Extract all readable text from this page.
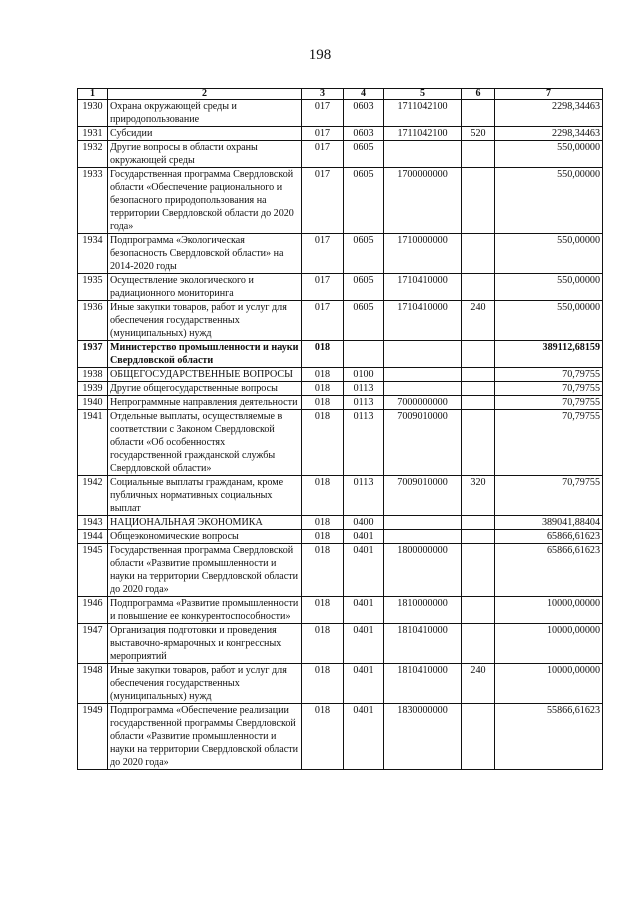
198
1	2	3	4	5	6	7
1930	Охрана окружающей среды и природопользование	017	0603	1711042100		2298,34463
1931	Субсидии	017	0603	1711042100	520	2298,34463
1932	Другие вопросы в области охраны окружающей среды	017	0605			550,00000
1933	Государственная программа Свердловской области «Обеспечение рационального и безопасного природопользования на территории Свердловской области до 2020 года»	017	0605	1700000000		550,00000
1934	Подпрограмма «Экологическая безопасность Свердловской области» на 2014-2020 годы	017	0605	1710000000		550,00000
1935	Осуществление экологического и радиационного мониторинга	017	0605	1710410000		550,00000
1936	Иные закупки товаров, работ и услуг для обеспечения государственных (муниципальных) нужд	017	0605	1710410000	240	550,00000
1937	Министерство промышленности и науки Свердловской области	018				389112,68159
1938	ОБЩЕГОСУДАРСТВЕННЫЕ ВОПРОСЫ	018	0100			70,79755
1939	Другие общегосударственные вопросы	018	0113			70,79755
1940	Непрограммные направления деятельности	018	0113	7000000000		70,79755
1941	Отдельные выплаты, осуществляемые в соответствии с Законом Свердловской области «Об особенностях государственной гражданской службы Свердловской области»	018	0113	7009010000		70,79755
1942	Социальные выплаты гражданам, кроме публичных нормативных социальных выплат	018	0113	7009010000	320	70,79755
1943	НАЦИОНАЛЬНАЯ ЭКОНОМИКА	018	0400			389041,88404
1944	Общеэкономические вопросы	018	0401			65866,61623
1945	Государственная программа Свердловской области «Развитие промышленности и науки на территории Свердловской области до 2020 года»	018	0401	1800000000		65866,61623
1946	Подпрограмма «Развитие промышленности и повышение ее конкурентоспособности»	018	0401	1810000000		10000,00000
1947	Организация подготовки и проведения выставочно-ярмарочных и конгрессных мероприятий	018	0401	1810410000		10000,00000
1948	Иные закупки товаров, работ и услуг для обеспечения государственных (муниципальных) нужд	018	0401	1810410000	240	10000,00000
1949	Подпрограмма «Обеспечение реализации государственной программы Свердловской области «Развитие промышленности и науки на территории Свердловской области до 2020 года»	018	0401	1830000000		55866,61623
